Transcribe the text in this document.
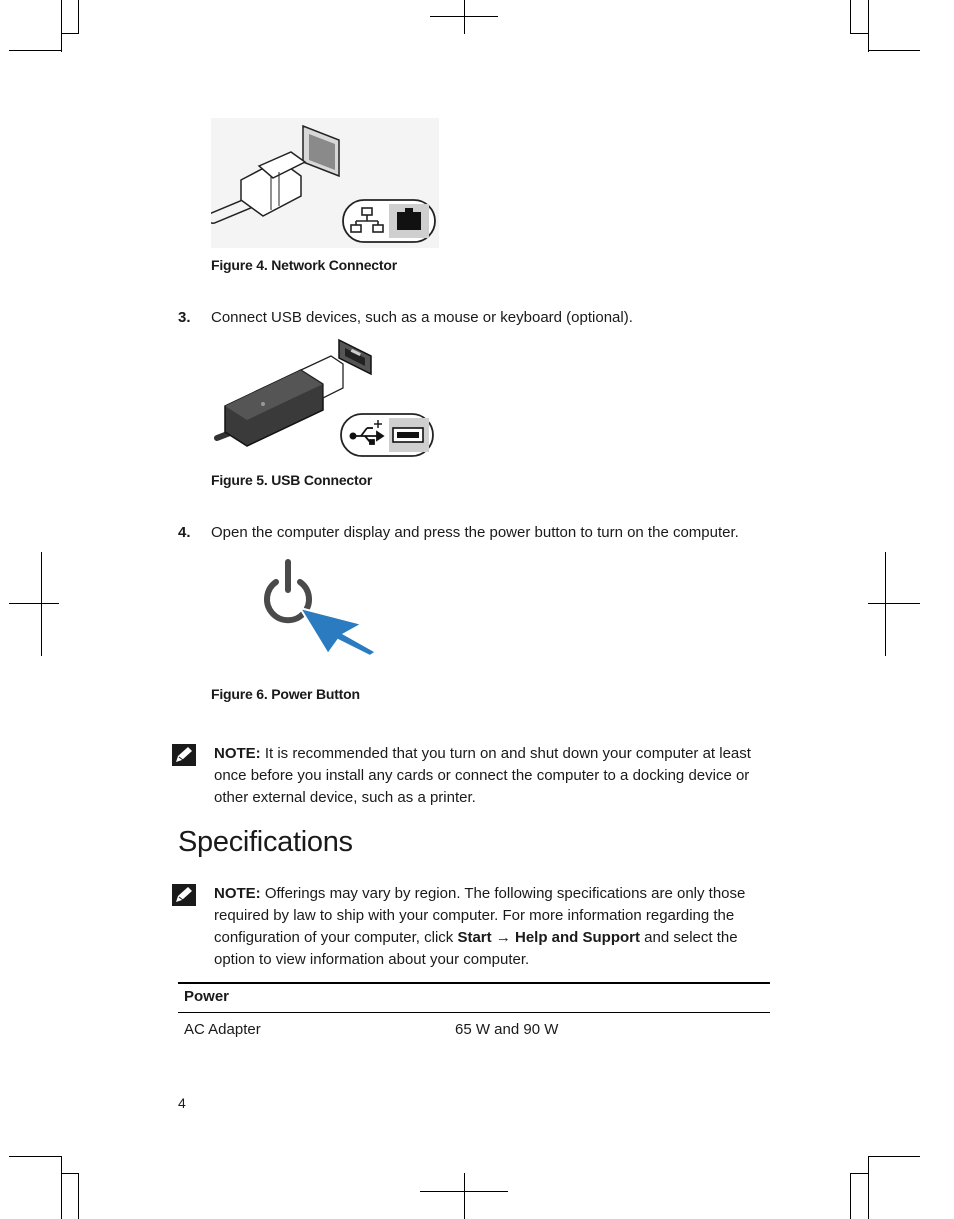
Figure 4. Network Connector
3. Connect USB devices, such as a mouse or keyboard (optional).
Figure 5. USB Connector
4. Open the computer display and press the power button to turn on the computer.
Figure 6. Power Button
NOTE: It is recommended that you turn on and shut down your computer at least once before you install any cards or connect the computer to a docking device or other external device, such as a printer.
Specifications
NOTE: Offerings may vary by region. The following specifications are only those required by law to ship with your computer. For more information regarding the configuration of your computer, click Start → Help and Support and select the option to view information about your computer.
Power
AC Adapter	65 W and 90 W
4
